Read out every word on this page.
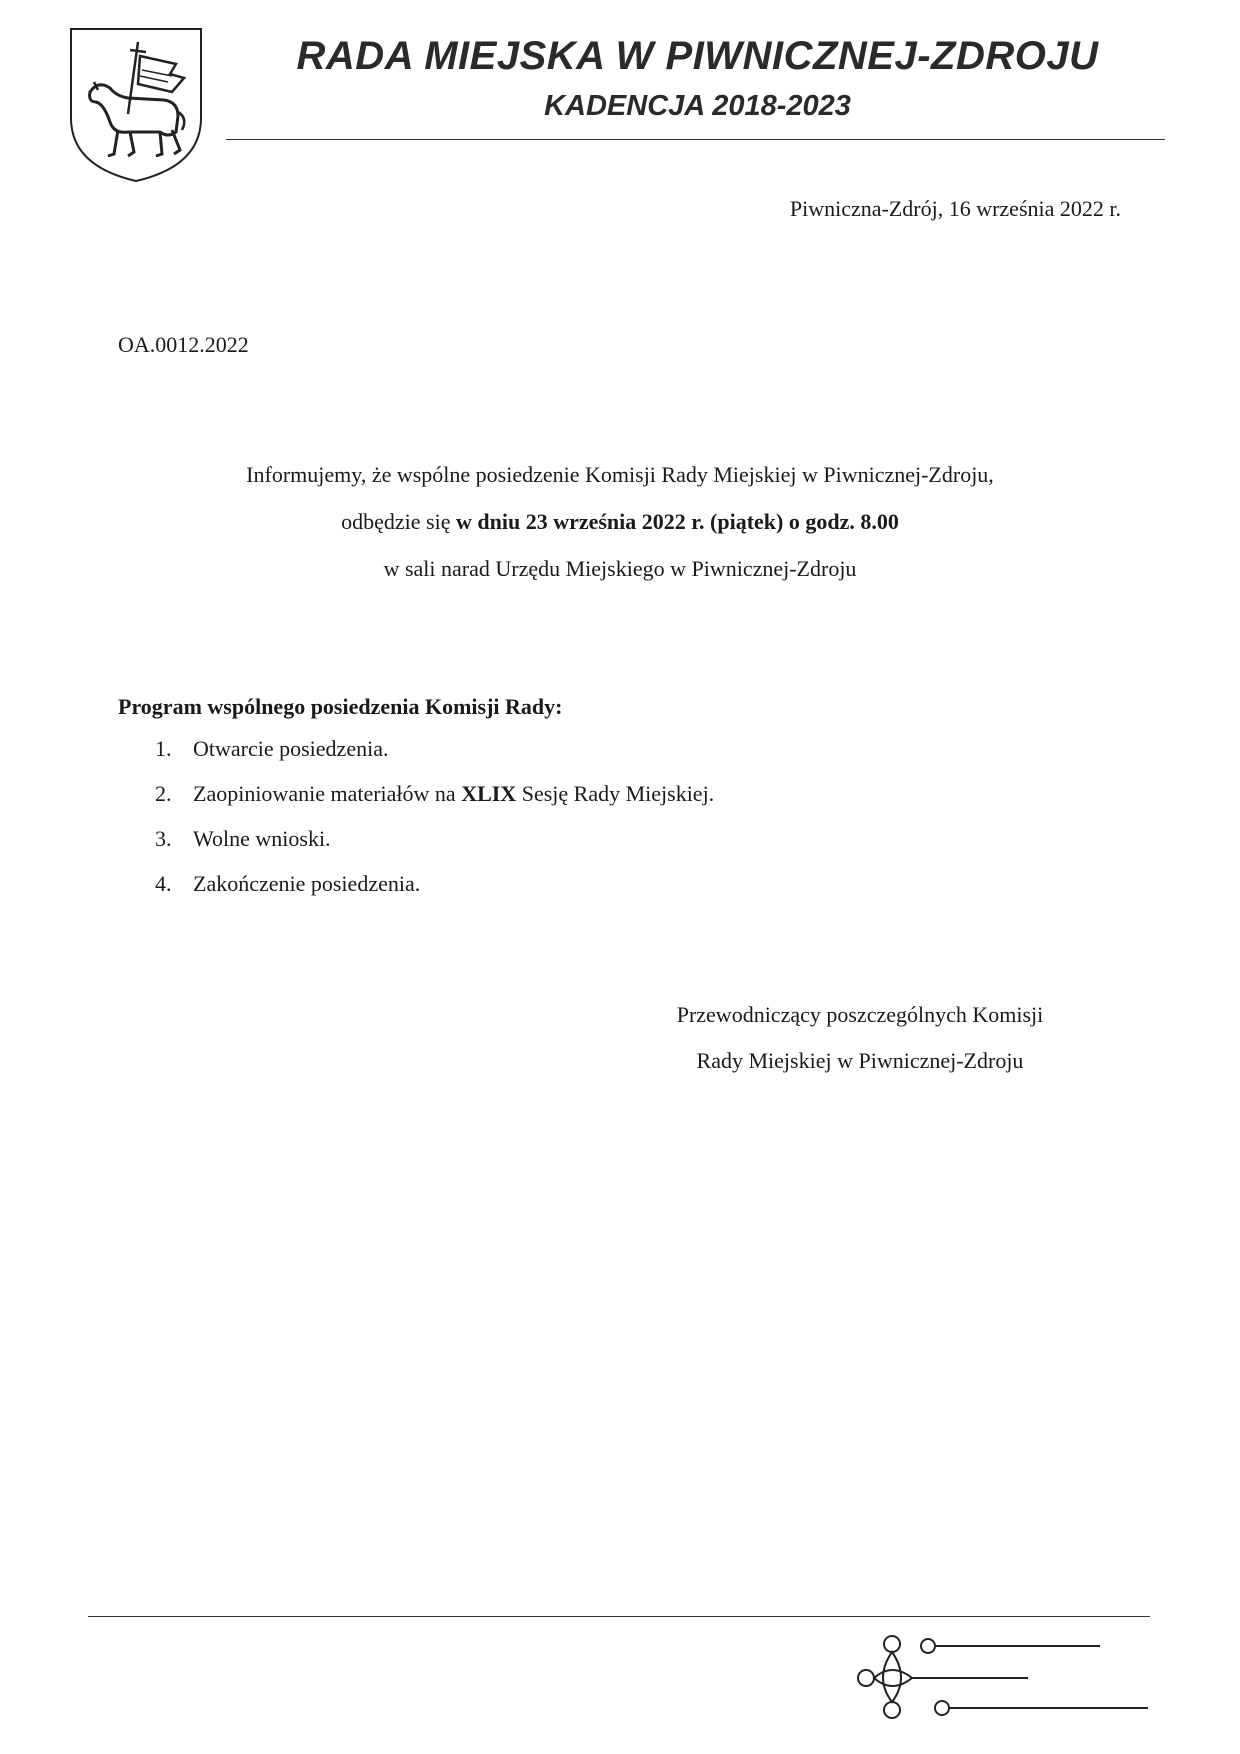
RADA MIEJSKA W PIWNICZNEJ-ZDROJU
KADENCJA 2018-2023
Piwniczna-Zdrój, 16 września 2022 r.
OA.0012.2022
Informujemy, że wspólne posiedzenie Komisji Rady Miejskiej w Piwnicznej-Zdroju,
odbędzie się w dniu 23 września 2022 r. (piątek) o godz. 8.00
w sali narad Urzędu Miejskiego w Piwnicznej-Zdroju
Program wspólnego posiedzenia Komisji Rady:
1. Otwarcie posiedzenia.
2. Zaopiniowanie materiałów na XLIX Sesję Rady Miejskiej.
3. Wolne wnioski.
4. Zakończenie posiedzenia.
Przewodniczący poszczególnych Komisji
Rady Miejskiej w Piwnicznej-Zdroju
